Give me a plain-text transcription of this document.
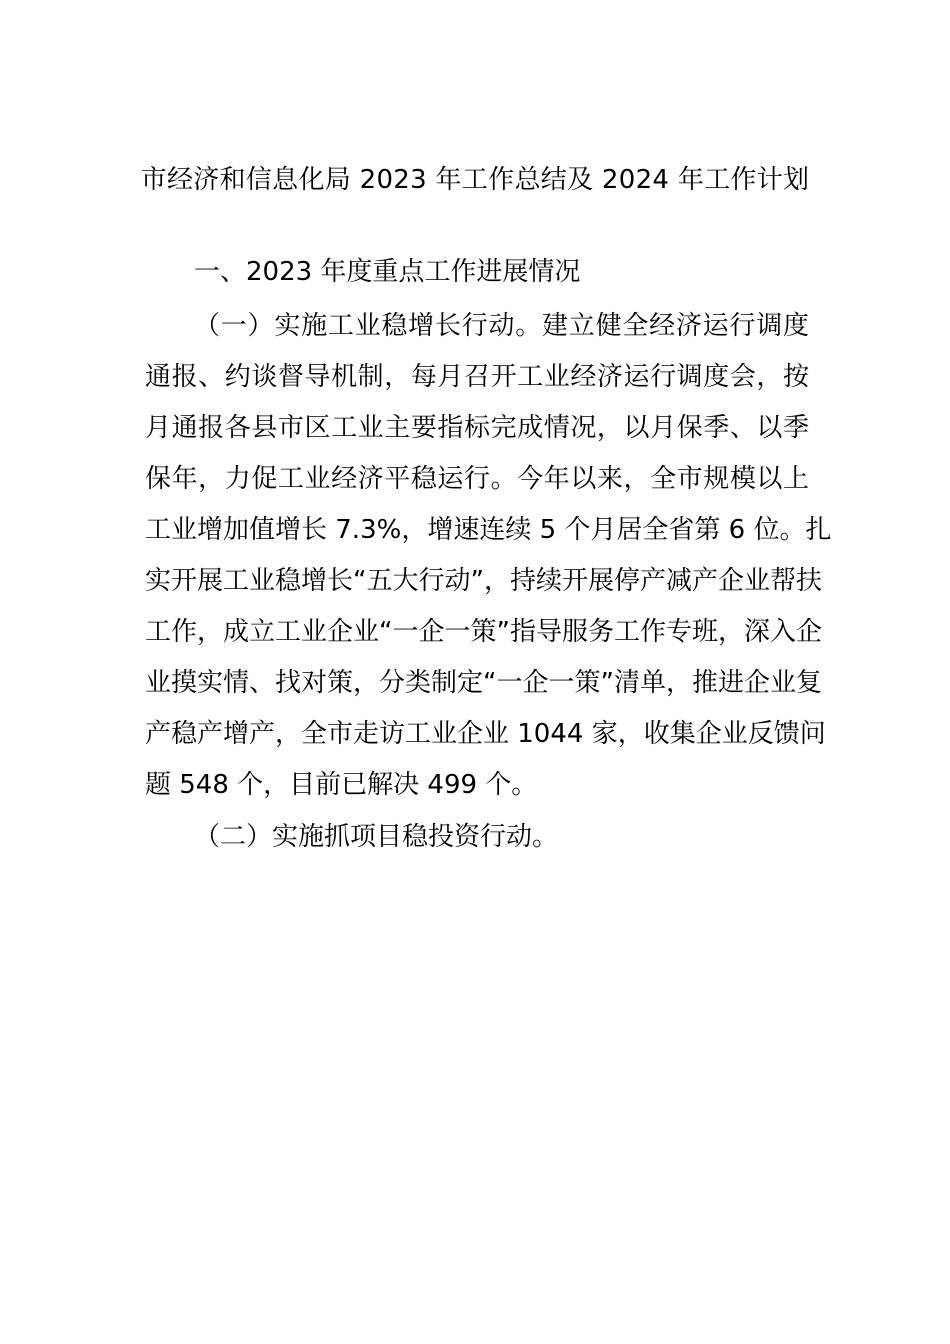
市经济和信息化局 2023 年工作总结及 2024 年工作计划
一、2023 年度重点工作进展情况
（一）实施工业稳增长行动。建立健全经济运行调度
通报、约谈督导机制，每月召开工业经济运行调度会，按
月通报各县市区工业主要指标完成情况，以月保季、以季
保年，力促工业经济平稳运行。今年以来，全市规模以上
工业增加值增长 7.3%，增速连续 5 个月居全省第 6 位。扎
实开展工业稳增长“五大行动”，持续开展停产减产企业帮扶
工作，成立工业企业“一企一策”指导服务工作专班，深入企
业摸实情、找对策，分类制定“一企一策”清单，推进企业复
产稳产增产，全市走访工业企业 1044 家，收集企业反馈问
题 548 个，目前已解决 499 个。
（二）实施抓项目稳投资行动。
